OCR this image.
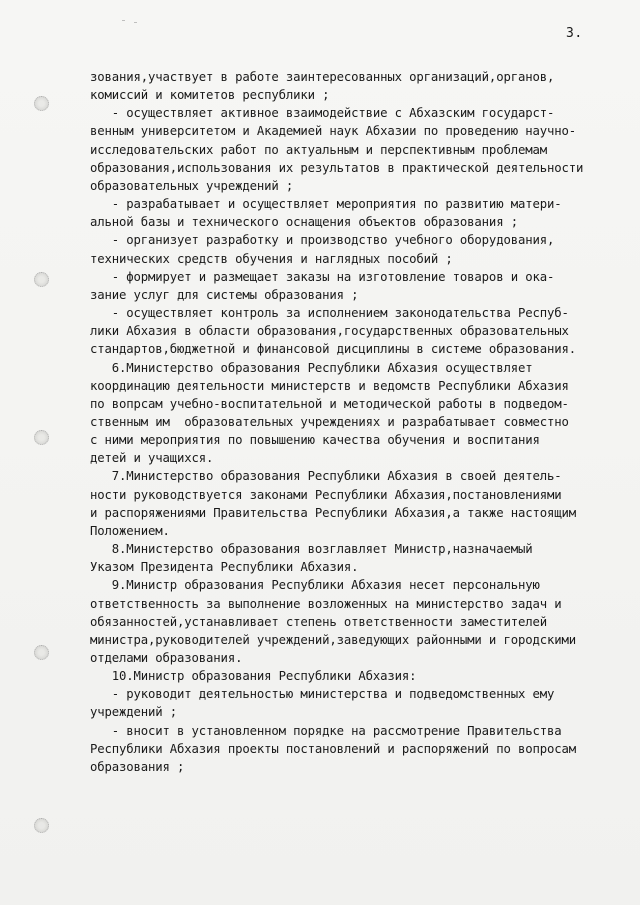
3.
зования,участвует в работе заинтересованных организаций,органов,
комиссий и комитетов республики ;
- осуществляет активное взаимодействие с Абхазским государст-
венным университетом и Академией наук Абхазии по проведению научно-
исследовательских работ по актуальным и перспективным проблемам
образования,использования их результатов в практической деятельности
образовательных учреждений ;
- разрабатывает и осуществляет мероприятия по развитию матери-
альной базы и технического оснащения объектов образования ;
- организует разработку и производство учебного оборудования,
технических средств обучения и наглядных пособий ;
- формирует и размещает заказы на изготовление товаров и ока-
зание услуг для системы образования ;
- осуществляет контроль за исполнением законодательства Респуб-
лики Абхазия в области образования,государственных образовательных
стандартов,бюджетной и финансовой дисциплины в системе образования.
6.Министерство образования Республики Абхазия осуществляет
координацию деятельности министерств и ведомств Республики Абхазия
по вопрсам учебно-воспитательной и методической работы в подведом-
ственным им  образовательных учреждениях и разрабатывает совместно
с ними мероприятия по повышению качества обучения и воспитания
детей и учащихся.
7.Министерство образования Республики Абхазия в своей деятель-
ности руководствуется законами Республики Абхазия,постановлениями
и распоряжениями Правительства Республики Абхазия,а также настоящим
Положением.
8.Министерство образования возглавляет Министр,назначаемый
Указом Президента Республики Абхазия.
9.Министр образования Республики Абхазия несет персональную
ответственность за выполнение возложенных на министерство задач и
обязанностей,устанавливает степень ответственности заместителей
министра,руководителей учреждений,заведующих районными и городскими
отделами образования.
10.Министр образования Республики Абхазия:
- руководит деятельностью министерства и подведомственных ему
учреждений ;
- вносит в установленном порядке на рассмотрение Правительства
Республики Абхазия проекты постановлений и распоряжений по вопросам
образования ;
